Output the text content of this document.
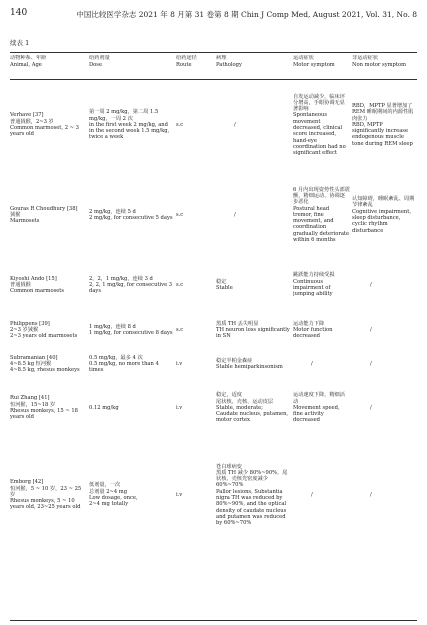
140	中国比较医学杂志 2021 年 8 月第 31 卷第 8 期 Chin J Comp Med, August 2021, Vol. 31, No. 8
续表 1
动物种系、年龄
Animal, Age	给药剂量
Dose	给药途径
Route	病理
Pathology	运动症状
Motor symptom	非运动症状
Non motor symptom

Verhave [37]
普通狨猴，2~3 岁
Common marmoset, 2 ~ 3 years old	第一周 2 mg/kg，第二周 1.5 mg/kg，一周 2 次
in the first week 2 mg/kg, and in the second week 1.5 mg/kg, twice a week	s.c	/	自发运动减少，临床评分增高，手眼协调无显著影响
Spontaneous movement decreased, clinical score increased, hand-eye coordination had no significant effect	RBD，MPTP 显著增加了 REM 睡眠期间的内源性肌肉张力
RBD, MPTP significantly increase endogenous muscle tone during REM sleep

Gouras R Choudhury [38]
狨猴
Marmosets	2 mg/kg，连续 5 d
2 mg/kg, for consecutive 5 days	s.c	/	6 月内出现姿势性头部震颤，精细运动、协调逐步恶化
Postural head tremor, fine movement, and coordination gradually deteriorate within 6 months	认知障碍，睡眠紊乱、周期节律紊乱
Cognitive impairment, sleep disturbance, cyclic rhythm disturbance

Kiyoshi Ando [15]
普通狨猴
Common marmosets	2，2，1 mg/kg，连续 3 d
2, 2, 1 mg/kg, for consecutive 3 days	s.c	稳定
Stable	跳跃能力持续受损
Continuous impairment of jumping ability	/

Philippens [39]
2~3 岁狨猴
2~3 years old marmosets	1 mg/kg，连续 8 d
1 mg/kg, for consecutive 8 days	s.c	黑质 TH 丢失明显
TH neuron loss significantly in SN	运动能力下降
Motor function decreased	/

Subramanian [40]
4~8.5 kg 恒河猴
4~8.5 kg, rhesus monkeys	0.5 mg/kg，最多 4 次
0.5 mg/kg, no more than 4 times	i.v	稳定半帕金森症
Stable hemiparkinsonism	/	/

Rui Zhang [41]
恒河猴，15~18 岁
Rhesus monkeys, 15 ~ 18 years old	0.12 mg/kg	i.v	稳定，适度
尾状核、壳核、运动皮层
Stable, moderate;
Caudate nucleus, putamen, motor cortex	运动速度下降，精细活动
Movement speed, fine activity decreased	/

Emborg [42]
恒河猴，5 ~ 10 岁，23 ~ 25 岁
Rhesus monkeys, 5 ~ 10 years old, 23~25 years old	低剂量，一次
总剂量 2~4 mg
Low dosage, once,
2~4 mg totally	i.v	苍白球病变
黑质 TH 减少 80%~90%，尾状核、壳核光密度减少 60%~70%
Pallor lesions, Substantia nigra TH was reduced by 80%~90%, and the optical density of caudate nucleus and putamen was reduced by 60%~70%	/	/
